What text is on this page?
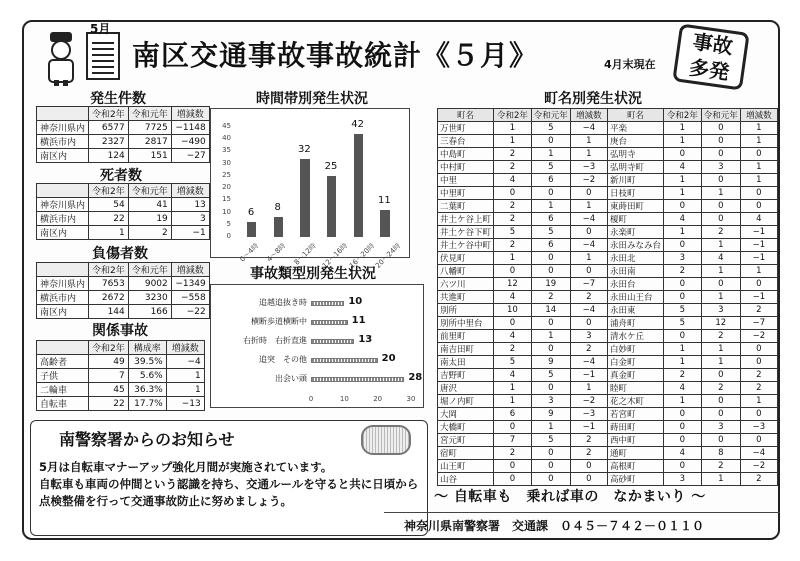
5月
南区交通事故事故統計《５月》	4月末現在
事故
多発
発生件数
	令和2年	令和元年	増減数
神奈川県内	6577	7725	−1148
横浜市内	2327	2817	−490
南区内	124	151	−27
死者数
	令和2年	令和元年	増減数
神奈川県内	54	41	13
横浜市内	22	19	3
南区内	1	2	−1
負傷者数
	令和2年	令和元年	増減数
神奈川県内	7653	9002	−1349
横浜市内	2672	3230	−558
南区内	144	166	−22
関係事故
	令和2年	構成率	増減数
高齢者	49	39.5%	−4
子供	7	5.6%	1
二輪車	45	36.3%	1
自転車	22	17.7%	−13
時間帯別発生状況
0
5
10
15
20
25
30
35
40
45
6
0〜4時
8
4〜8時
32
8〜12時
25
12〜16時
42
16〜20時
11
20〜24時
事故類型別発生状況
追越追抜き時	10
横断歩道横断中	11
右折時　右折直進	13
追突　その他	20
出会い頭	28
0	10	20	30
町名別発生状況
町名	令和2年	令和元年	増減数	町名	令和2年	令和元年	増減数
万世町	1	5	−4	平楽	1	0	1
三春台	1	0	1	庚台	1	0	1
中島町	2	1	1	弘明寺	0	0	0
中村町	2	5	−3	弘明寺町	4	3	1
中里	4	6	−2	新川町	1	0	1
中里町	0	0	0	日枝町	1	1	0
二葉町	2	1	1	東蒔田町	0	0	0
井土ケ谷上町	2	6	−4	榎町	4	0	4
井土ケ谷下町	5	5	0	永楽町	1	2	−1
井土ケ谷中町	2	6	−4	永田みなみ台	0	1	−1
伏見町	1	0	1	永田北	3	4	−1
八幡町	0	0	0	永田南	2	1	1
六ツ川	12	19	−7	永田台	0	0	0
共進町	4	2	2	永田山王台	0	1	−1
別所	10	14	−4	永田東	5	3	2
別所中里台	0	0	0	浦舟町	5	12	−7
前里町	4	1	3	清水ケ丘	0	2	−2
南吉田町	2	0	2	白妙町	1	1	0
南太田	5	9	−4	白金町	1	1	0
吉野町	4	5	−1	真金町	2	0	2
唐沢	1	0	1	睦町	4	2	2
堀ノ内町	1	3	−2	花之木町	1	0	1
大岡	6	9	−3	若宮町	0	0	0
大橋町	0	1	−1	蒔田町	0	3	−3
宮元町	7	5	2	西中町	0	0	0
宿町	2	0	2	通町	4	8	−4
山王町	0	0	0	高根町	0	2	−2
山谷	0	0	0	高砂町	3	1	2
南警察署からのお知らせ
5月は自転車マナーアップ強化月間が実施されています。
自転車も車両の仲間という認識を持ち、交通ルールを守ると共に日頃から点検整備を行って交通事故防止に努めましょう。	〜 自転車も　乗れば車の　なかまいり 〜
神奈川県南警察署　交通課　０４５－７４２－０１１０
